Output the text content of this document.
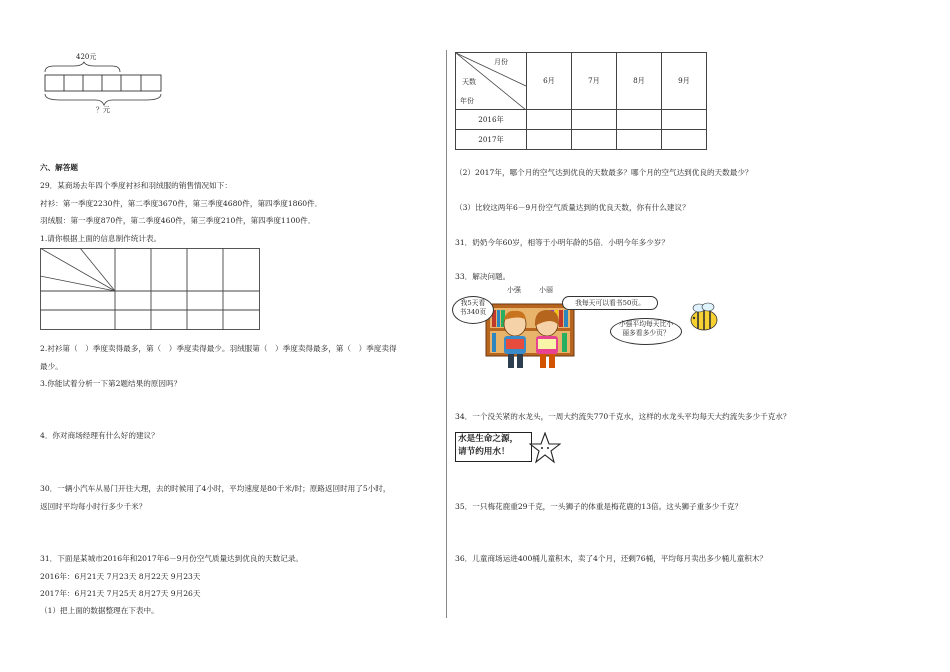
420元
？元
六、解答题
29．某商场去年四个季度衬衫和羽绒服的销售情况如下：
衬衫：第一季度2230件，第二季度3670件，第三季度4680件，第四季度1860件．
羽绒服：第一季度870件，第二季度460件，第三季度210件，第四季度1100件．
1.请你根据上面的信息制作统计表。
2.衬衫第（　）季度卖得最多，第（　）季度卖得最少。羽绒服第（　）季度卖得最多，第（　）季度卖得
最少。
3.你能试着分析一下第2题结果的原因吗？
4．你对商场经理有什么好的建议？
30．一辆小汽车从易门开往大理，去的时候用了4小时，平均速度是80千米/时；原路返回时用了5小时，
返回时平均每小时行多少千米？
31．下面是某城市2016年和2017年6－9月份空气质量达到优良的天数记录。
2016年：6月21天 7月23天 8月22天 9月23天
2017年：6月21天 7月25天 8月27天 9月26天
（1）把上面的数据整理在下表中。
月份
天数
年份	6月	7月	8月	9月
2016年				
2017年				
（2）2017年，哪个月的空气达到优良的天数最多？哪个月的空气达到优良的天数最少？
（3）比较这两年6－9月份空气质量达到的优良天数，你有什么建议？
31．奶奶今年60岁，相等于小明年龄的5倍．小明今年多少岁？
33．解决问题。
小强	小丽
我5天看书340页
我每天可以看书50页。
小强平均每天比小丽多看多少页？
34．一个没关紧的水龙头，一周大约流失770千克水，这样的水龙头平均每天大约流失多少千克水？
水是生命之源，
请节约用水！
35．一只梅花鹿重29千克，一头狮子的体重是梅花鹿的13倍。这头狮子重多少千克？
36．儿童商场运进400桶儿童积木，卖了4个月，还剩76桶，平均每月卖出多少桶儿童积木？
